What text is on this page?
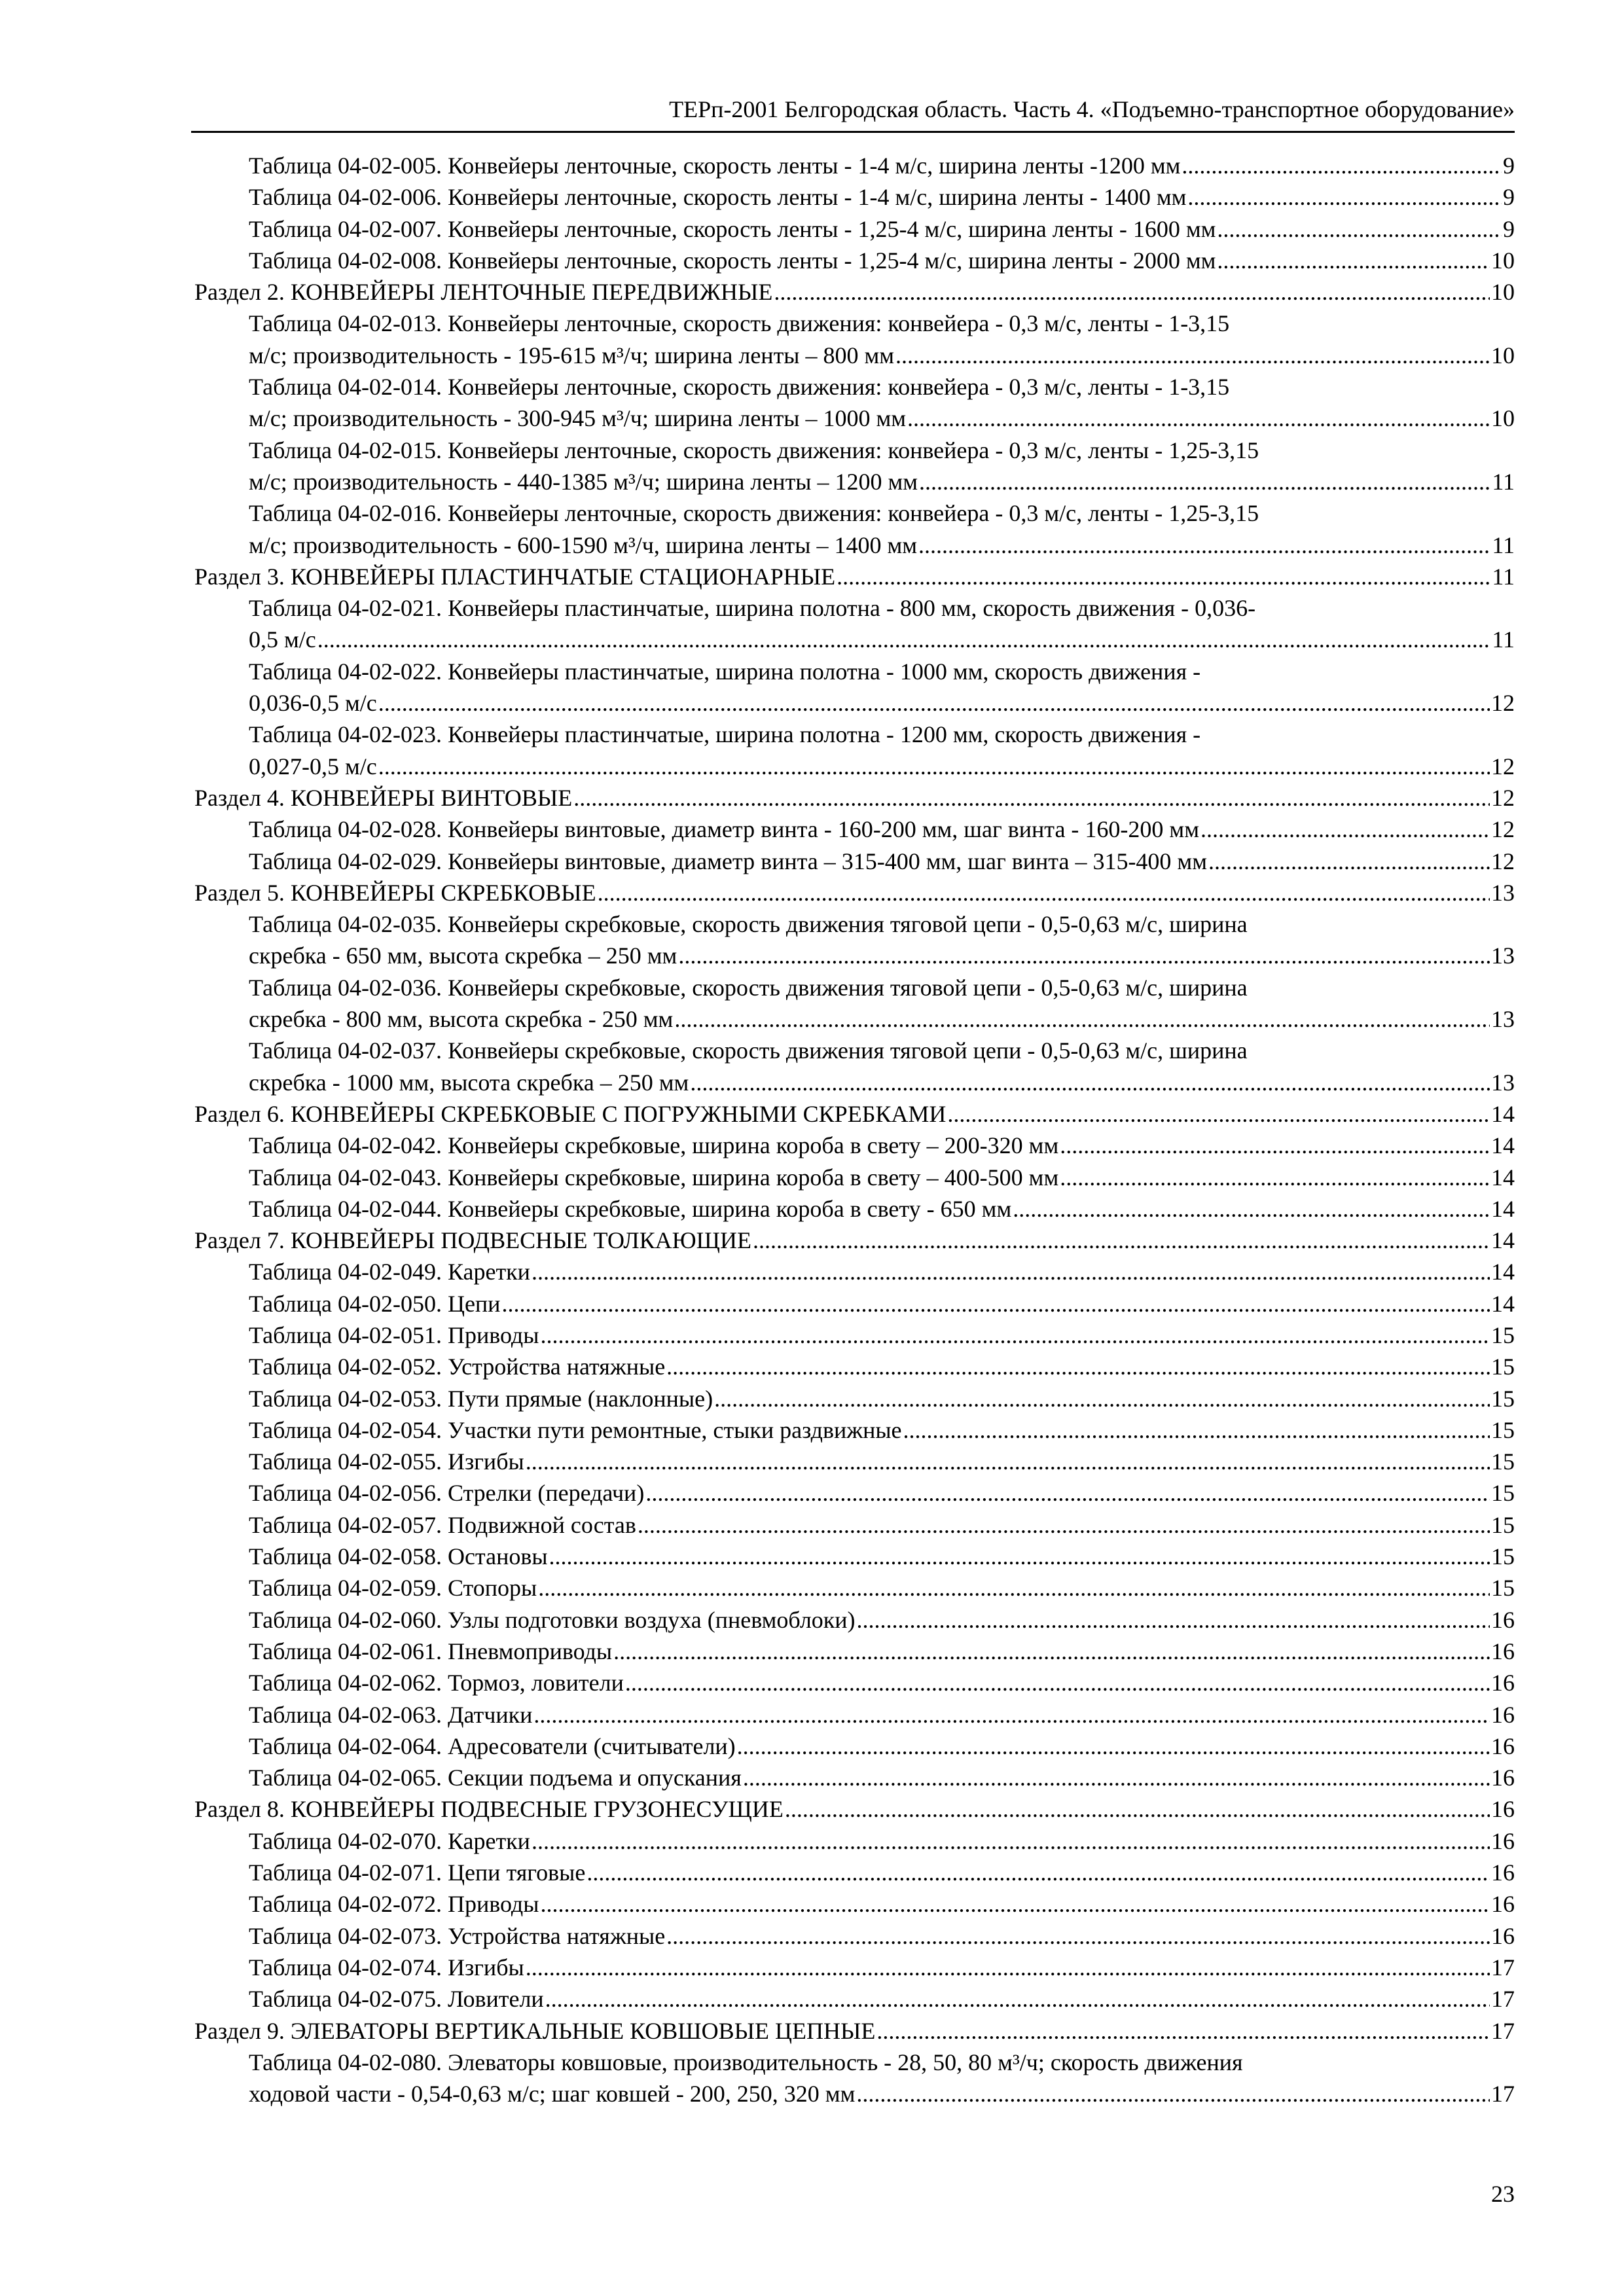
ТЕРп-2001 Белгородская область. Часть 4. «Подъемно-транспортное оборудование»
Таблица 04-02-005. Конвейеры ленточные, скорость ленты - 1-4 м/с, ширина ленты -1200 мм .....	9
Таблица 04-02-006. Конвейеры ленточные, скорость ленты - 1-4 м/с, ширина ленты - 1400 мм .....	9
Таблица 04-02-007. Конвейеры ленточные, скорость ленты - 1,25-4 м/с, ширина ленты - 1600 мм .....	9
Таблица 04-02-008. Конвейеры ленточные, скорость ленты - 1,25-4 м/с, ширина ленты - 2000 мм .....	10
Раздел 2. КОНВЕЙЕРЫ ЛЕНТОЧНЫЕ ПЕРЕДВИЖНЫЕ .....	10
Таблица 04-02-013. Конвейеры ленточные, скорость движения: конвейера - 0,3 м/с, ленты - 1-3,15
м/с; производительность - 195-615 м³/ч; ширина ленты – 800 мм .....	10
Таблица 04-02-014. Конвейеры ленточные, скорость движения: конвейера - 0,3 м/с, ленты - 1-3,15
м/с; производительность - 300-945 м³/ч; ширина ленты – 1000 мм .....	10
Таблица 04-02-015. Конвейеры ленточные, скорость движения: конвейера - 0,3 м/с, ленты - 1,25-3,15
м/с; производительность - 440-1385 м³/ч; ширина ленты – 1200 мм .....	11
Таблица 04-02-016. Конвейеры ленточные, скорость движения: конвейера - 0,3 м/с, ленты - 1,25-3,15
м/с; производительность - 600-1590 м³/ч, ширина ленты – 1400 мм .....	11
Раздел 3. КОНВЕЙЕРЫ ПЛАСТИНЧАТЫЕ СТАЦИОНАРНЫЕ .....	11
Таблица 04-02-021. Конвейеры пластинчатые, ширина полотна - 800 мм, скорость движения - 0,036-
0,5 м/с .....	11
Таблица 04-02-022. Конвейеры пластинчатые, ширина полотна - 1000 мм, скорость движения -
0,036-0,5 м/с .....	12
Таблица 04-02-023. Конвейеры пластинчатые, ширина полотна - 1200 мм, скорость движения -
0,027-0,5 м/с .....	12
Раздел 4. КОНВЕЙЕРЫ ВИНТОВЫЕ .....	12
Таблица 04-02-028. Конвейеры винтовые, диаметр винта - 160-200 мм, шаг винта - 160-200 мм .....	12
Таблица 04-02-029. Конвейеры винтовые, диаметр винта – 315-400 мм, шаг винта – 315-400 мм .....	12
Раздел 5. КОНВЕЙЕРЫ СКРЕБКОВЫЕ .....	13
Таблица 04-02-035. Конвейеры скребковые, скорость движения тяговой цепи - 0,5-0,63 м/с, ширина
скребка - 650 мм, высота скребка – 250 мм .....	13
Таблица 04-02-036. Конвейеры скребковые, скорость движения тяговой цепи - 0,5-0,63 м/с, ширина
скребка - 800 мм, высота скребка - 250 мм .....	13
Таблица 04-02-037. Конвейеры скребковые, скорость движения тяговой цепи - 0,5-0,63 м/с, ширина
скребка - 1000 мм, высота скребка – 250 мм .....	13
Раздел 6. КОНВЕЙЕРЫ СКРЕБКОВЫЕ С ПОГРУЖНЫМИ СКРЕБКАМИ .....	14
Таблица 04-02-042. Конвейеры скребковые, ширина короба в свету – 200-320 мм .....	14
Таблица 04-02-043. Конвейеры скребковые, ширина короба в свету – 400-500 мм .....	14
Таблица 04-02-044. Конвейеры скребковые, ширина короба в свету - 650 мм .....	14
Раздел 7. КОНВЕЙЕРЫ ПОДВЕСНЫЕ ТОЛКАЮЩИЕ .....	14
Таблица 04-02-049. Каретки .....	14
Таблица 04-02-050. Цепи .....	14
Таблица 04-02-051. Приводы .....	15
Таблица 04-02-052. Устройства натяжные .....	15
Таблица 04-02-053. Пути прямые (наклонные) .....	15
Таблица 04-02-054. Участки пути ремонтные, стыки раздвижные .....	15
Таблица 04-02-055. Изгибы .....	15
Таблица 04-02-056. Стрелки (передачи) .....	15
Таблица 04-02-057. Подвижной состав .....	15
Таблица 04-02-058. Остановы .....	15
Таблица 04-02-059. Стопоры .....	15
Таблица 04-02-060. Узлы подготовки воздуха (пневмоблоки) .....	16
Таблица 04-02-061. Пневмоприводы .....	16
Таблица 04-02-062. Тормоз, ловители .....	16
Таблица 04-02-063. Датчики .....	16
Таблица 04-02-064. Адресователи (считыватели) .....	16
Таблица 04-02-065. Секции подъема и опускания .....	16
Раздел 8. КОНВЕЙЕРЫ ПОДВЕСНЫЕ ГРУЗОНЕСУЩИЕ .....	16
Таблица 04-02-070. Каретки .....	16
Таблица 04-02-071. Цепи тяговые .....	16
Таблица 04-02-072. Приводы .....	16
Таблица 04-02-073. Устройства натяжные .....	16
Таблица 04-02-074. Изгибы .....	17
Таблица 04-02-075. Ловители .....	17
Раздел 9. ЭЛЕВАТОРЫ ВЕРТИКАЛЬНЫЕ КОВШОВЫЕ ЦЕПНЫЕ .....	17
Таблица 04-02-080. Элеваторы ковшовые, производительность - 28, 50, 80 м³/ч; скорость движения
ходовой части - 0,54-0,63 м/с; шаг ковшей - 200, 250, 320 мм .....	17
23
